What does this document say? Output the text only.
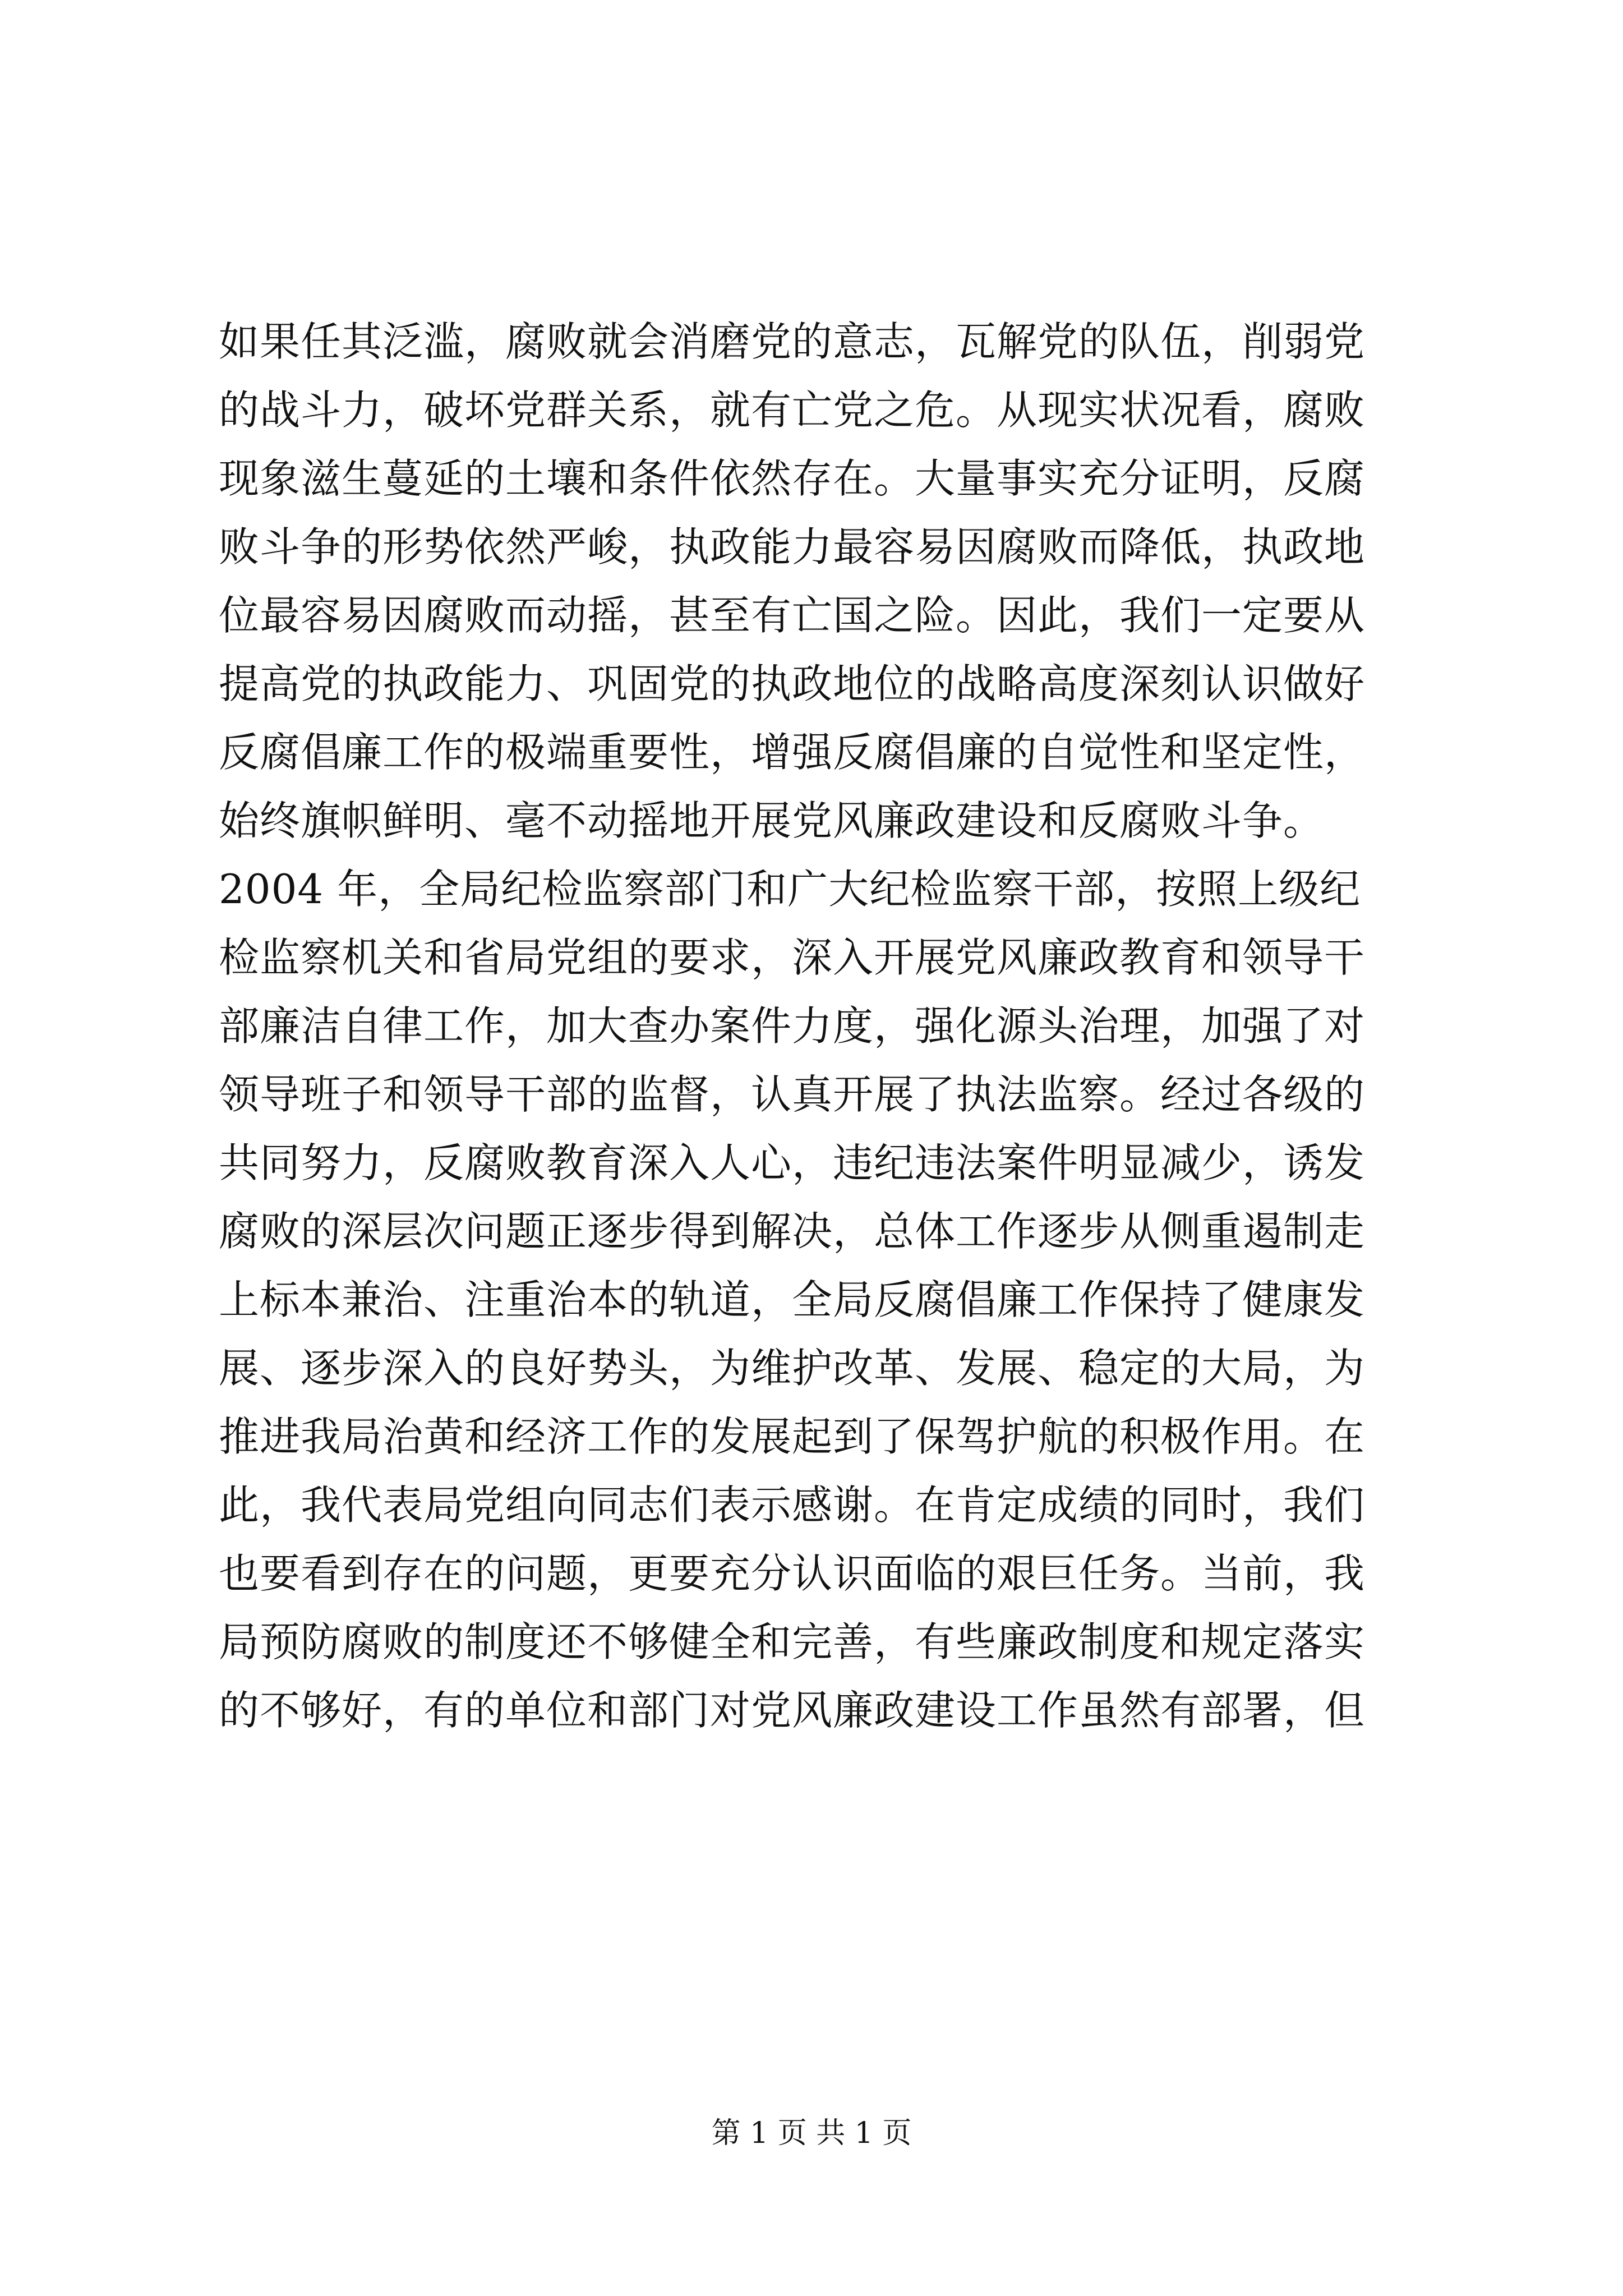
如果任其泛滥，腐败就会消磨党的意志，瓦解党的队伍，削弱党
的战斗力，破坏党群关系，就有亡党之危。从现实状况看，腐败
现象滋生蔓延的土壤和条件依然存在。大量事实充分证明，反腐
败斗争的形势依然严峻，执政能力最容易因腐败而降低，执政地
位最容易因腐败而动摇，甚至有亡国之险。因此，我们一定要从
提高党的执政能力、巩固党的执政地位的战略高度深刻认识做好
反腐倡廉工作的极端重要性，增强反腐倡廉的自觉性和坚定性，
始终旗帜鲜明、毫不动摇地开展党风廉政建设和反腐败斗争。
2004 年，全局纪检监察部门和广大纪检监察干部，按照上级纪
检监察机关和省局党组的要求，深入开展党风廉政教育和领导干
部廉洁自律工作，加大查办案件力度，强化源头治理，加强了对
领导班子和领导干部的监督，认真开展了执法监察。经过各级的
共同努力，反腐败教育深入人心，违纪违法案件明显减少，诱发
腐败的深层次问题正逐步得到解决，总体工作逐步从侧重遏制走
上标本兼治、注重治本的轨道，全局反腐倡廉工作保持了健康发
展、逐步深入的良好势头，为维护改革、发展、稳定的大局，为
推进我局治黄和经济工作的发展起到了保驾护航的积极作用。在
此，我代表局党组向同志们表示感谢。在肯定成绩的同时，我们
也要看到存在的问题，更要充分认识面临的艰巨任务。当前，我
局预防腐败的制度还不够健全和完善，有些廉政制度和规定落实
的不够好，有的单位和部门对党风廉政建设工作虽然有部署，但
第 1 页 共 1 页
